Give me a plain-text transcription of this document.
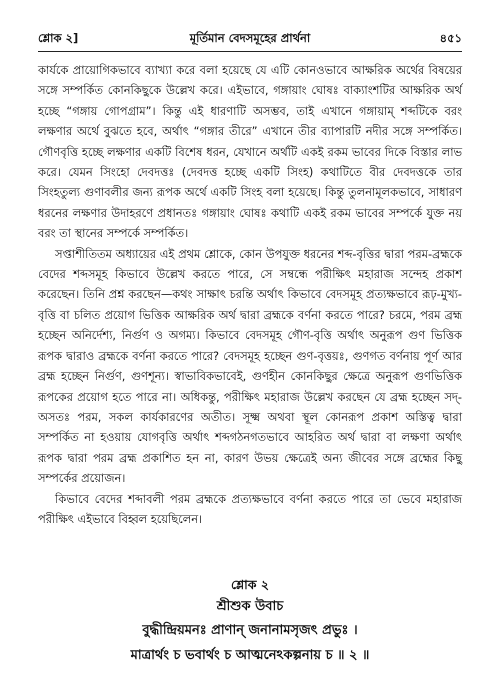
শ্লোক ২]	মূর্তিমান বেদসমূহের প্রার্থনা	৪৫১

কার্যকে প্রায়োগিকভাবে ব্যাখ্যা করে বলা হয়েছে যে এটি কোনওভাবে আক্ষরিক অর্থের বিষয়ের সঙ্গে সম্পর্কিত কোনকিছুকে উল্লেখ করে। এইভাবে, গঙ্গায়াং ঘোষঃ বাক্যাংশটির আক্ষরিক অর্থ হচ্ছে “গঙ্গায় গোপগ্রাম”। কিন্তু এই ধারণাটি অসম্ভব, তাই এখানে গঙ্গায়াম্ শব্দটিকে বরং লক্ষণার অর্থে বুঝতে হবে, অর্থাৎ “গঙ্গার তীরে” এখানে তীর ব্যাপারটি নদীর সঙ্গে সম্পর্কিত। গৌণবৃত্তি হচ্ছে লক্ষণার একটি বিশেষ ধরন, যেখানে অর্থটি একই রকম ভাবের দিকে বিস্তার লাভ করে। যেমন সিংহো দেবদত্তঃ (দেবদত্ত হচ্ছে একটি সিংহ) কথাটিতে বীর দেবদত্তকে তার সিংহতুল্য গুণাবলীর জন্য রূপক অর্থে একটি সিংহ বলা হয়েছে। কিন্তু তুলনামূলকভাবে, সাধারণ ধরনের লক্ষণার উদাহরণে প্রধানতঃ গঙ্গায়াং ঘোষঃ কথাটি একই রকম ভাবের সম্পর্কে যুক্ত নয় বরং তা স্থানের সম্পর্কে সম্পর্কিত।

সপ্তাশীতিতম অধ্যায়ের এই প্রথম শ্লোকে, কোন উপযুক্ত ধরনের শব্দ-বৃত্তির দ্বারা পরম-ব্রহ্মকে বেদের শব্দসমূহ কিভাবে উল্লেখ করতে পারে, সে সম্বন্ধে পরীক্ষিৎ মহারাজ সন্দেহ প্রকাশ করেছেন। তিনি প্রশ্ন করছেন—কথং সাক্ষাৎ চরন্তি অর্থাৎ কিভাবে বেদসমূহ প্রত্যক্ষভাবে রূঢ়-মুখ্য-বৃত্তি বা চলিত প্রয়োগ ভিত্তিক আক্ষরিক অর্থ দ্বারা ব্রহ্মকে বর্ণনা করতে পারে? চরমে, পরম ব্রহ্ম হচ্ছেন অনির্দেশ্য, নির্গুণ ও অগম্য। কিভাবে বেদসমূহ গৌণ-বৃত্তি অর্থাৎ অনুরূপ গুণ ভিত্তিক রূপক দ্বারাও ব্রহ্মকে বর্ণনা করতে পারে? বেদসমূহ হচ্ছেন গুণ-বৃত্তয়ঃ, গুণগত বর্ণনায় পূর্ণ আর ব্রহ্ম হচ্ছেন নির্গুণ, গুণশূন্য। স্বাভাবিকভাবেই, গুণহীন কোনকিছুর ক্ষেত্রে অনুরূপ গুণভিত্তিক রূপকের প্রয়োগ হতে পারে না। অধিকন্তু, পরীক্ষিৎ মহারাজ উল্লেখ করছেন যে ব্রহ্ম হচ্ছেন সদ্-অসতঃ পরম, সকল কার্যকারণের অতীত। সূক্ষ্ম অথবা স্থূল কোনরূপ প্রকাশ অস্তিত্ব দ্বারা সম্পর্কিত না হওয়ায় যোগবৃত্তি অর্থাৎ শব্দগঠনগতভাবে আহরিত অর্থ দ্বারা বা লক্ষণা অর্থাৎ রূপক দ্বারা পরম ব্রহ্ম প্রকাশিত হন না, কারণ উভয় ক্ষেত্রেই অন্য জীবের সঙ্গে ব্রহ্মের কিছু সম্পর্কের প্রয়োজন।

কিভাবে বেদের শব্দাবলী পরম ব্রহ্মকে প্রত্যক্ষভাবে বর্ণনা করতে পারে তা ভেবে মহারাজ পরীক্ষিৎ এইভাবে বিহ্বল হয়েছিলেন।

শ্লোক ২
শ্রীশুক উবাচ
বুদ্ধীন্দ্রিয়মনঃ প্রাণান্ জনানামসৃজৎ প্রভুঃ ।
মাত্রার্থং চ ভবার্থং চ আত্মনেঽকল্পনায় চ ॥ ২ ॥
